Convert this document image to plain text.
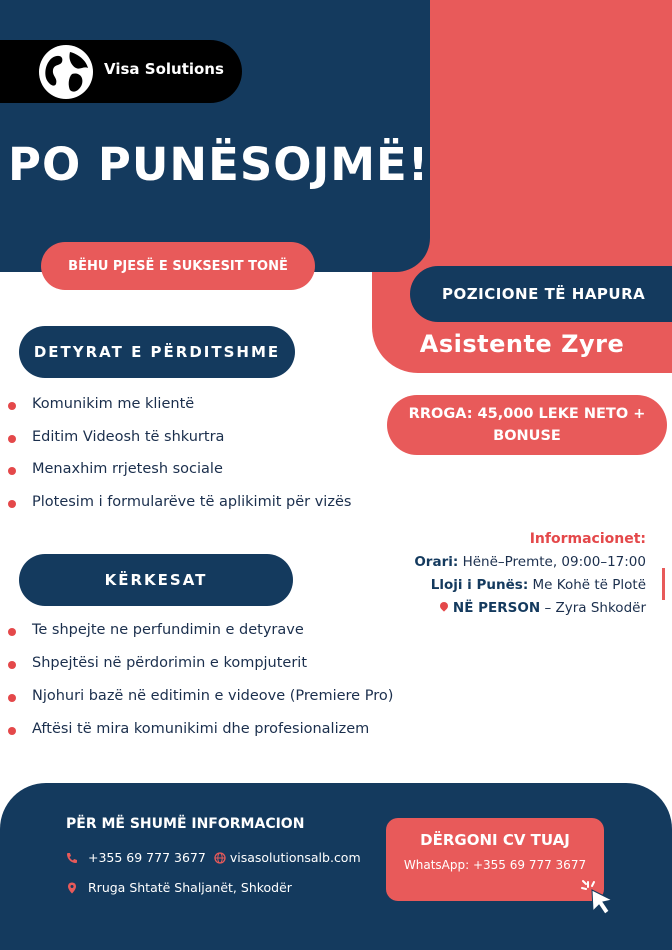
Visa Solutions
PO PUNËSOJMË!
BËHU PJESË E SUKSESIT TONË
POZICIONE TË HAPURA
Asistente Zyre
DETYRAT E PËRDITSHME
Komunikim me klientë
Editim Videosh të shkurtra
Menaxhim rrjetesh sociale
Plotesim i formularëve të aplikimit për vizës
RROGA: 45,000 LEKE NETO +
BONUSE
Informacionet:
Orari: Hënë–Premte, 09:00–17:00
Lloji i Punës: Me Kohë të Plotë
NË PERSON – Zyra Shkodër
KËRKESAT
Te shpejte ne perfundimin e detyrave
Shpejtësi në përdorimin e kompjuterit
Njohuri bazë në editimin e videove (Premiere Pro)
Aftësi të mira komunikimi dhe profesionalizem
PËR MË SHUMË INFORMACION
+355 69 777 3677 visasolutionsalb.com
Rruga Shtatë Shaljanët, Shkodër
DËRGONI CV TUAJ
WhatsApp: +355 69 777 3677
